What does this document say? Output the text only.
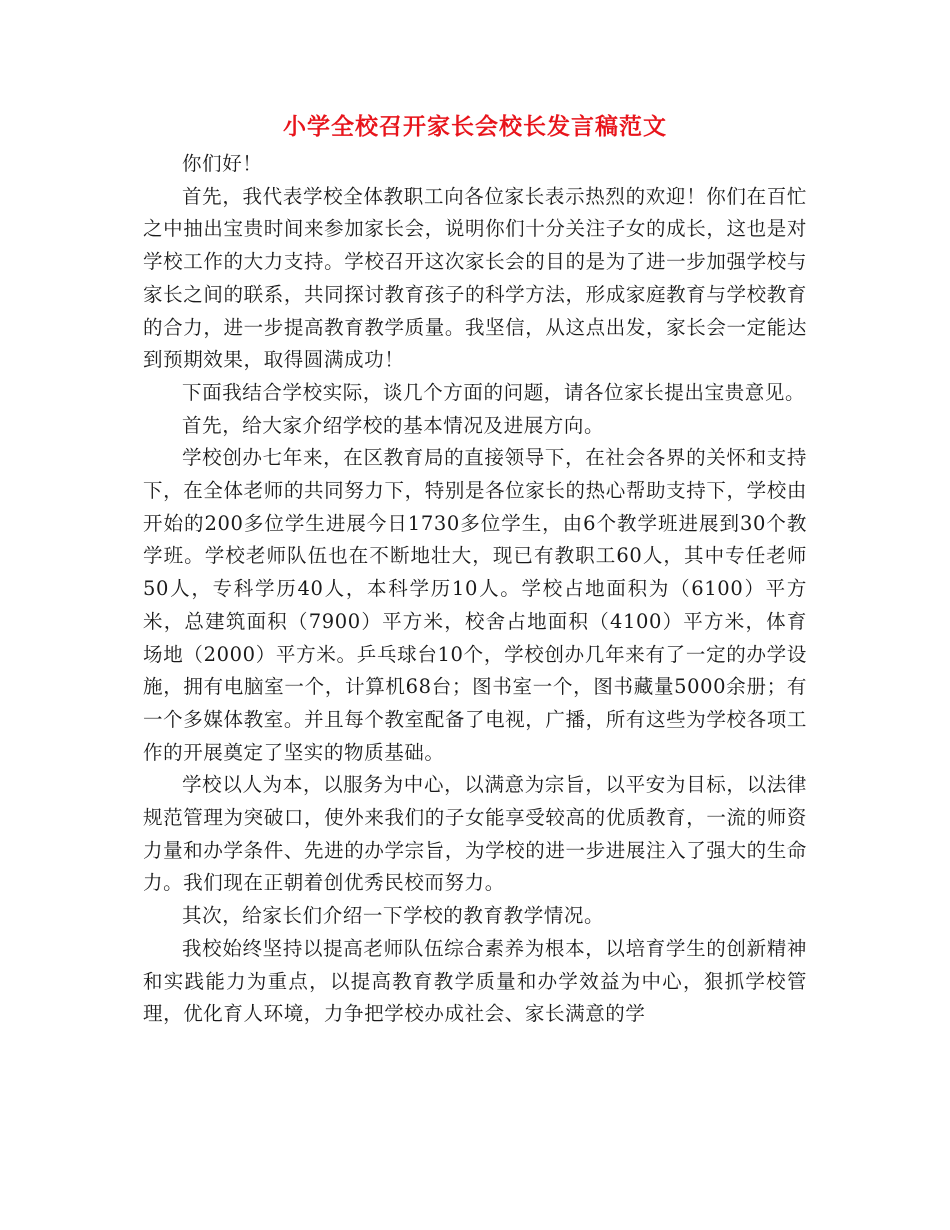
小学全校召开家长会校长发言稿范文

你们好！

首先，我代表学校全体教职工向各位家长表示热烈的欢迎！你们在百忙之中抽出宝贵时间来参加家长会，说明你们十分关注子女的成长，这也是对学校工作的大力支持。学校召开这次家长会的目的是为了进一步加强学校与家长之间的联系，共同探讨教育孩子的科学方法，形成家庭教育与学校教育的合力，进一步提高教育教学质量。我坚信，从这点出发，家长会一定能达到预期效果，取得圆满成功！

下面我结合学校实际，谈几个方面的问题，请各位家长提出宝贵意见。

首先，给大家介绍学校的基本情况及进展方向。

学校创办七年来，在区教育局的直接领导下，在社会各界的关怀和支持下，在全体老师的共同努力下，特别是各位家长的热心帮助支持下，学校由开始的200多位学生进展今日1730多位学生，由6个教学班进展到30个教学班。学校老师队伍也在不断地壮大，现已有教职工60人，其中专任老师50人，专科学历40人，本科学历10人。学校占地面积为（6100）平方米，总建筑面积（7900）平方米，校舍占地面积（4100）平方米，体育场地（2000）平方米。乒乓球台10个，学校创办几年来有了一定的办学设施，拥有电脑室一个，计算机68台；图书室一个，图书藏量5000余册；有一个多媒体教室。并且每个教室配备了电视，广播，所有这些为学校各项工作的开展奠定了坚实的物质基础。

学校以人为本，以服务为中心，以满意为宗旨，以平安为目标，以法律规范管理为突破口，使外来我们的子女能享受较高的优质教育，一流的师资力量和办学条件、先进的办学宗旨，为学校的进一步进展注入了强大的生命力。我们现在正朝着创优秀民校而努力。

其次，给家长们介绍一下学校的教育教学情况。

我校始终坚持以提高老师队伍综合素养为根本，以培育学生的创新精神和实践能力为重点，以提高教育教学质量和办学效益为中心，狠抓学校管理，优化育人环境，力争把学校办成社会、家长满意的学
